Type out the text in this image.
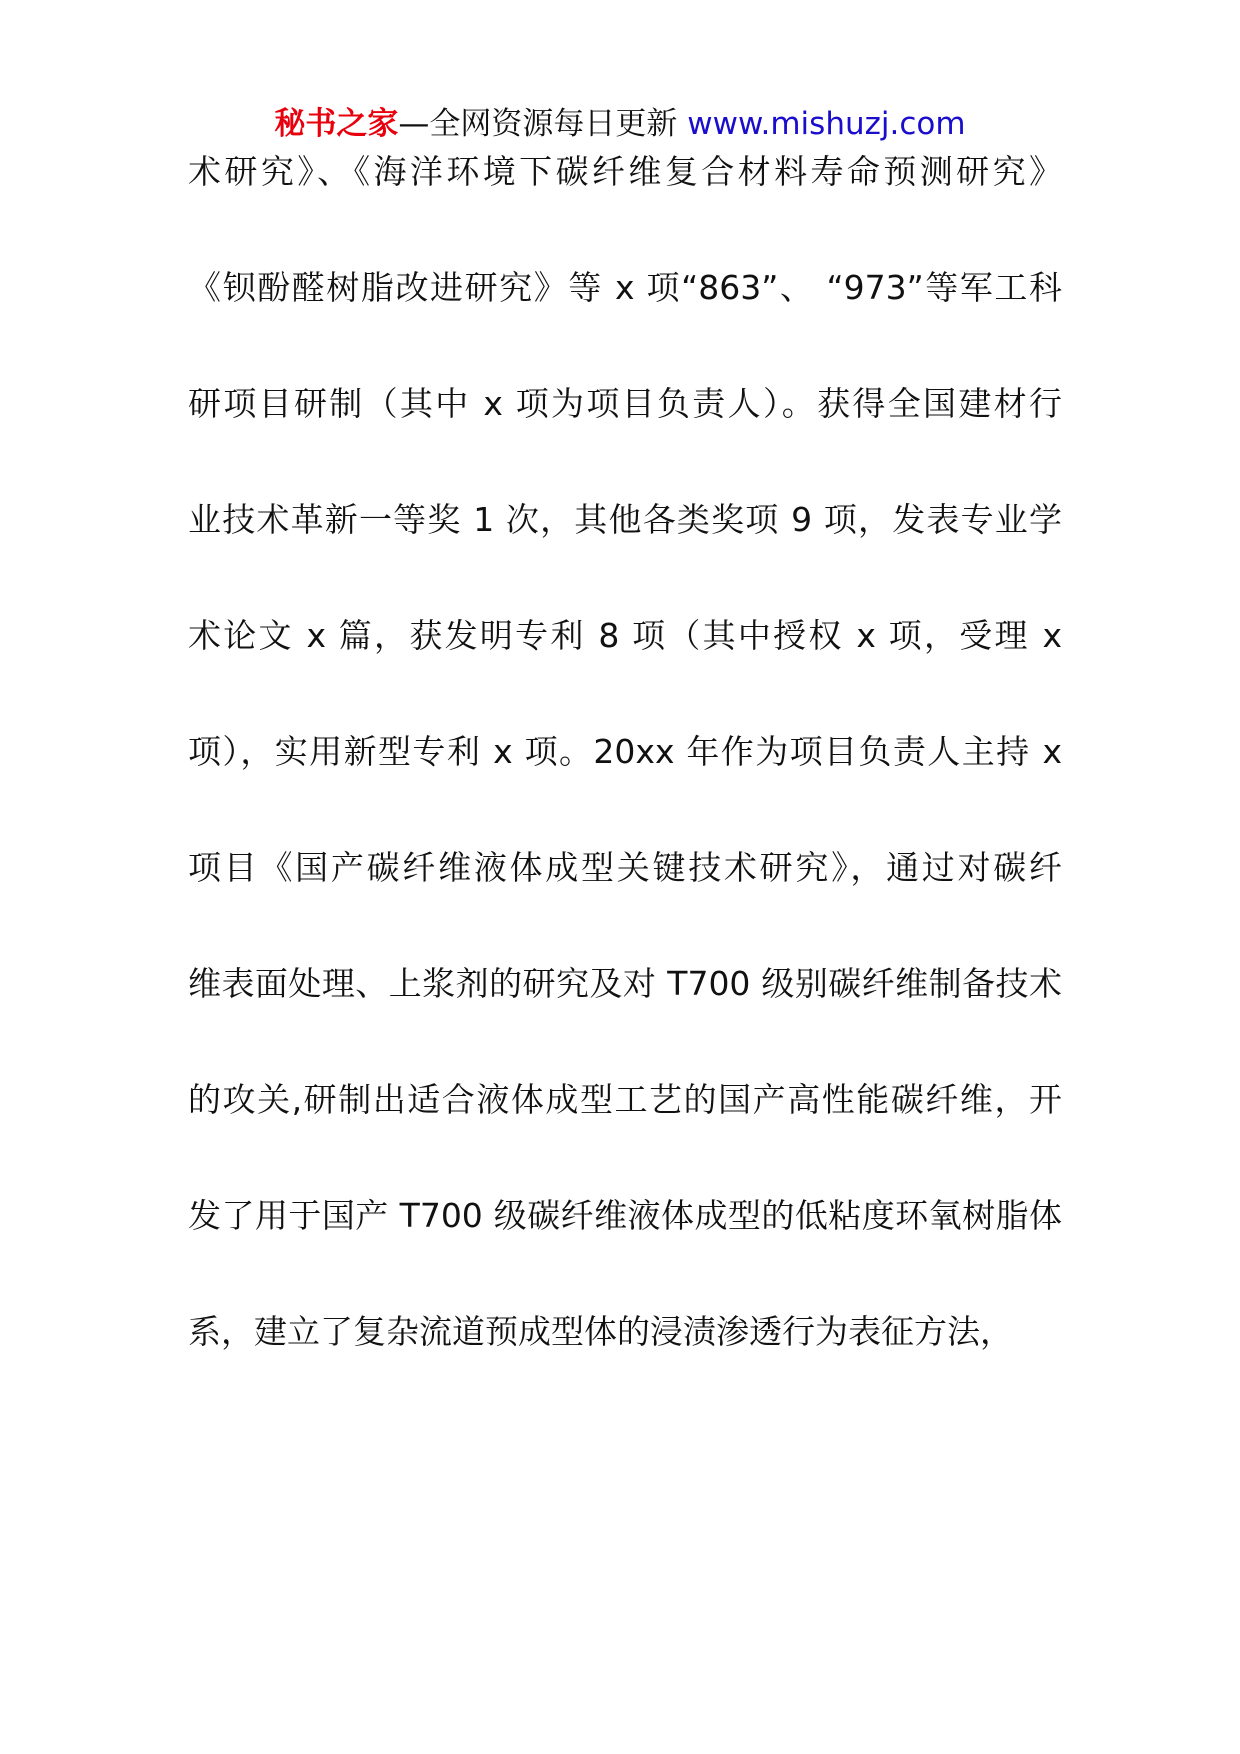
秘书之家—全网资源每日更新 www.mishuzj.com
术研究》、《海洋环境下碳纤维复合材料寿命预测研究》
《钡酚醛树脂改进研究》等 x 项“863”、 “973”等军工科
研项目研制（其中 x 项为项目负责人）。获得全国建材行
业技术革新一等奖 1 次，其他各类奖项 9 项，发表专业学
术论文 x 篇，获发明专利 8 项（其中授权 x 项，受理 x
项），实用新型专利 x 项。20xx 年作为项目负责人主持 x
项目《国产碳纤维液体成型关键技术研究》，通过对碳纤
维表面处理、上浆剂的研究及对 T700 级别碳纤维制备技术
的攻关,研制出适合液体成型工艺的国产高性能碳纤维，开
发了用于国产 T700 级碳纤维液体成型的低粘度环氧树脂体
系，建立了复杂流道预成型体的浸渍渗透行为表征方法，
